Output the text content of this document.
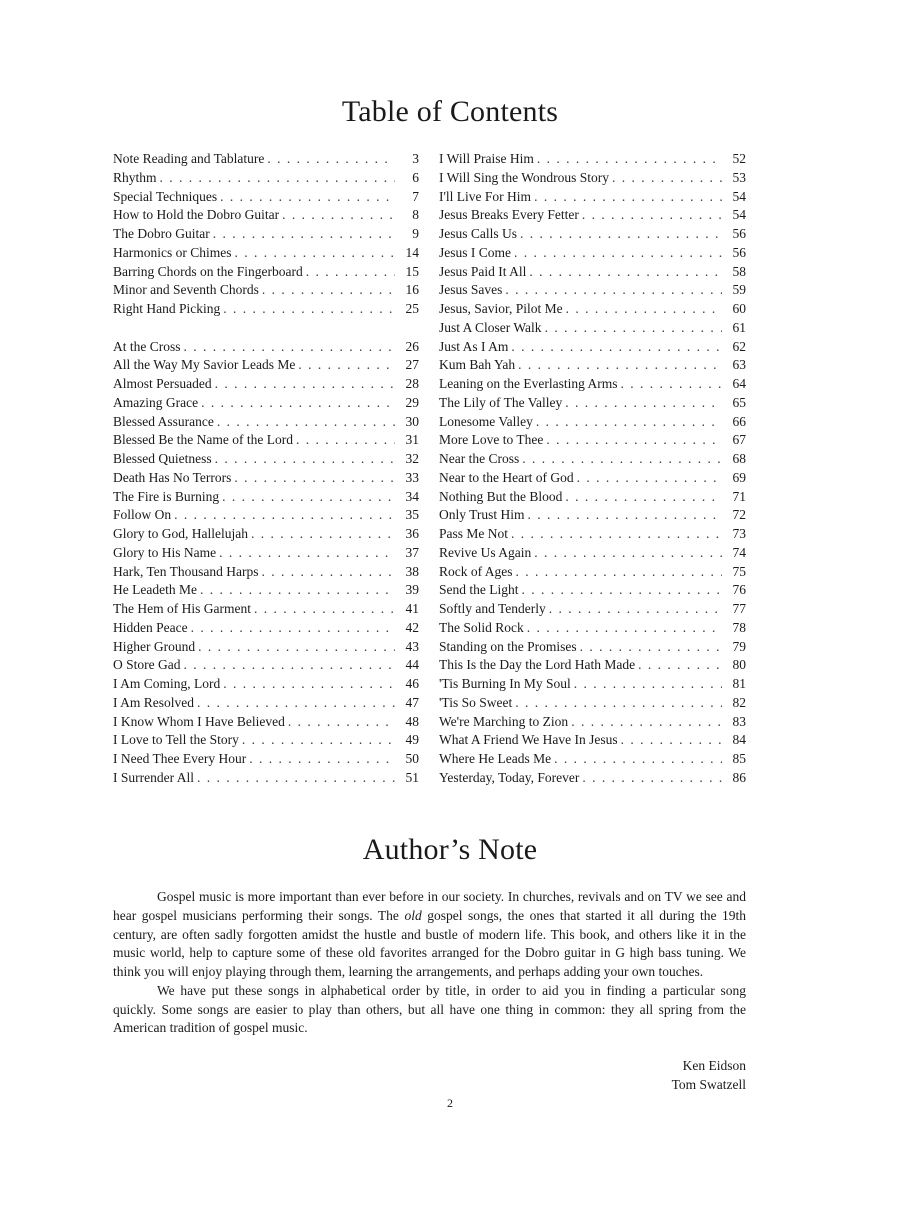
Table of Contents
Note Reading and Tablature . . .	3
Rhythm . . .	6
Special Techniques . . .	7
How to Hold the Dobro Guitar . . .	8
The Dobro Guitar . . .	9
Harmonics or Chimes . . .	14
Barring Chords on the Fingerboard . . .	15
Minor and Seventh Chords . . .	16
Right Hand Picking . . .	25
At the Cross . . .	26
All the Way My Savior Leads Me . . .	27
Almost Persuaded . . .	28
Amazing Grace . . .	29
Blessed Assurance . . .	30
Blessed Be the Name of the Lord . . .	31
Blessed Quietness . . .	32
Death Has No Terrors . . .	33
The Fire is Burning . . .	34
Follow On . . .	35
Glory to God, Hallelujah . . .	36
Glory to His Name . . .	37
Hark, Ten Thousand Harps . . .	38
He Leadeth Me . . .	39
The Hem of His Garment . . .	41
Hidden Peace . . .	42
Higher Ground . . .	43
O Store Gad . . .	44
I Am Coming, Lord . . .	46
I Am Resolved . . .	47
I Know Whom I Have Believed . . .	48
I Love to Tell the Story . . .	49
I Need Thee Every Hour . . .	50
I Surrender All . . .	51
I Will Praise Him . . .	52
I Will Sing the Wondrous Story . . .	53
I'll Live For Him . . .	54
Jesus Breaks Every Fetter . . .	54
Jesus Calls Us . . .	56
Jesus I Come . . .	56
Jesus Paid It All . . .	58
Jesus Saves . . .	59
Jesus, Savior, Pilot Me . . .	60
Just A Closer Walk . . .	61
Just As I Am . . .	62
Kum Bah Yah . . .	63
Leaning on the Everlasting Arms . . .	64
The Lily of The Valley . . .	65
Lonesome Valley . . .	66
More Love to Thee . . .	67
Near the Cross . . .	68
Near to the Heart of God . . .	69
Nothing But the Blood . . .	71
Only Trust Him . . .	72
Pass Me Not . . .	73
Revive Us Again . . .	74
Rock of Ages . . .	75
Send the Light . . .	76
Softly and Tenderly . . .	77
The Solid Rock . . .	78
Standing on the Promises . . .	79
This Is the Day the Lord Hath Made . . .	80
'Tis Burning In My Soul . . .	81
'Tis So Sweet . . .	82
We're Marching to Zion . . .	83
What A Friend We Have In Jesus . . .	84
Where He Leads Me . . .	85
Yesterday, Today, Forever . . .	86
Author’s Note

Gospel music is more important than ever before in our society. In churches, revivals and on TV we see and hear gospel musicians performing their songs. The old gospel songs, the ones that started it all during the 19th century, are often sadly forgotten amidst the hustle and bustle of modern life. This book, and others like it in the music world, help to capture some of these old favorites arranged for the Dobro guitar in G high bass tuning. We think you will enjoy playing through them, learning the arrangements, and perhaps adding your own touches.

We have put these songs in alphabetical order by title, in order to aid you in finding a particular song quickly. Some songs are easier to play than others, but all have one thing in common: they all spring from the American tradition of gospel music.

Ken Eidson
Tom Swatzell
2
